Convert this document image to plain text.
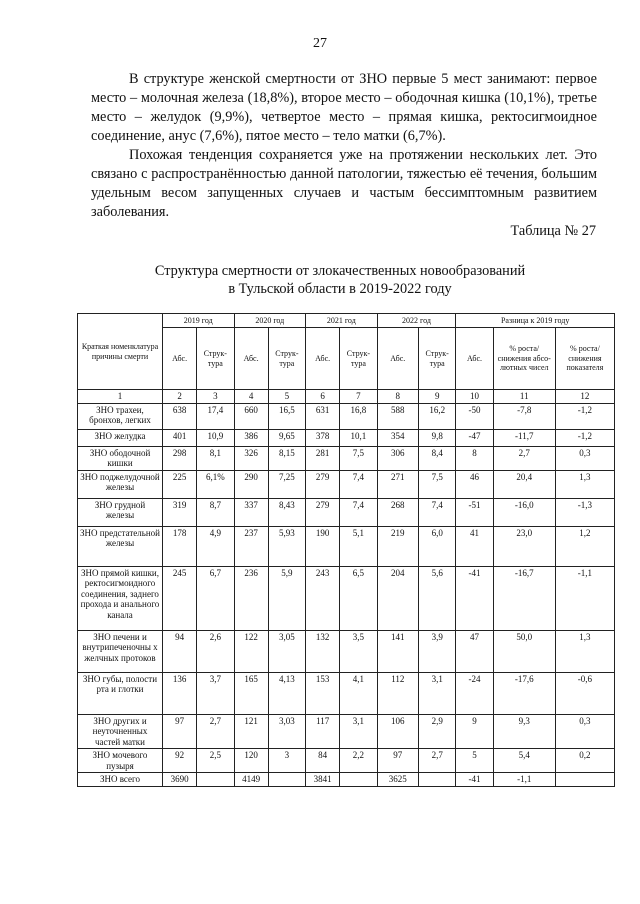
27

В структуре женской смертности от ЗНО первые 5 мест занимают: первое место – молочная железа (18,8%), второе место – ободочная кишка (10,1%), третье место – желудок (9,9%), четвертое место – прямая кишка, ректосигмоидное соединение, анус (7,6%), пятое место – тело матки (6,7%).

Похожая тенденция сохраняется уже на протяжении нескольких лет. Это связано с распространённостью данной патологии, тяжестью её течения, большим удельным весом запущенных случаев и частым бессимптомным развитием заболевания.

Таблица № 27
Структура смертности от злокачественных новообразований
в Тульской области в 2019-2022 году
Краткая номенклатура причины смерти	2019 год		2020 год		2021 год		2022 год		Разница к 2019 году		
	Абс.	Струк-тура	Абс.	Струк-тура	Абс.	Струк-тура	Абс.	Струк-тура	Абс.	% роста/ снижения абсо-лютных чисел	% роста/ снижения показателя
1	2	3	4	5	6	7	8	9	10	11	12
ЗНО трахеи, бронхов, легких	638	17,4	660	16,5	631	16,8	588	16,2	-50	-7,8	-1,2
ЗНО желудка	401	10,9	386	9,65	378	10,1	354	9,8	-47	-11,7	-1,2
ЗНО ободочной кишки	298	8,1	326	8,15	281	7,5	306	8,4	8	2,7	0,3
ЗНО поджелудочной железы	225	6,1%	290	7,25	279	7,4	271	7,5	46	20,4	1,3
ЗНО грудной железы	319	8,7	337	8,43	279	7,4	268	7,4	-51	-16,0	-1,3
ЗНО предстательной железы	178	4,9	237	5,93	190	5,1	219	6,0	41	23,0	1,2
ЗНО прямой кишки, ректосигмоидного соединения, заднего прохода и анального канала	245	6,7	236	5,9	243	6,5	204	5,6	-41	-16,7	-1,1
ЗНО печени и внутрипеченочны х желчных протоков	94	2,6	122	3,05	132	3,5	141	3,9	47	50,0	1,3
ЗНО губы, полости рта и глотки	136	3,7	165	4,13	153	4,1	112	3,1	-24	-17,6	-0,6
ЗНО других и неуточненных частей матки	97	2,7	121	3,03	117	3,1	106	2,9	9	9,3	0,3
ЗНО мочевого пузыря	92	2,5	120	3	84	2,2	97	2,7	5	5,4	0,2
ЗНО всего	3690		4149		3841		3625		-41	-1,1	
